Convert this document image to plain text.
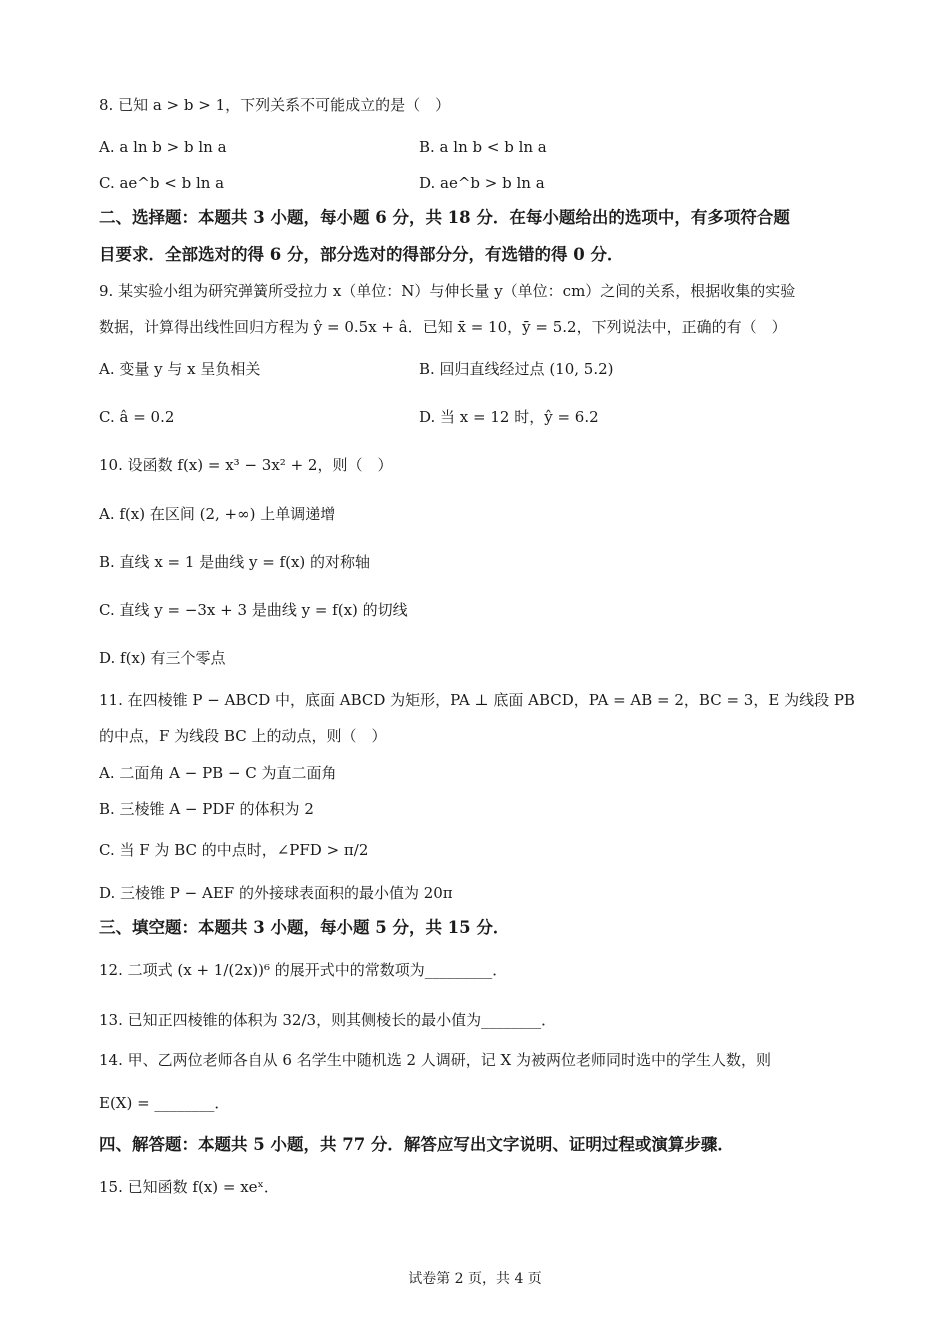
8. 已知 a > b > 1，下列关系不可能成立的是（　）
A. a ln b > b ln a	B. a ln b < b ln a
C. ae^b < b ln a	D. ae^b > b ln a
二、选择题：本题共 3 小题，每小题 6 分，共 18 分．在每小题给出的选项中，有多项符合题
目要求．全部选对的得 6 分，部分选对的得部分分，有选错的得 0 分．
9. 某实验小组为研究弹簧所受拉力 x（单位：N）与伸长量 y（单位：cm）之间的关系，根据收集的实验
数据，计算得出线性回归方程为 ŷ = 0.5x + â．已知 x̄ = 10，ȳ = 5.2，下列说法中，正确的有（　）
A. 变量 y 与 x 呈负相关	B. 回归直线经过点 (10, 5.2)
C. â = 0.2	D. 当 x = 12 时，ŷ = 6.2
10. 设函数 f(x) = x³ − 3x² + 2，则（　）
A. f(x) 在区间 (2, +∞) 上单调递增
B. 直线 x = 1 是曲线 y = f(x) 的对称轴
C. 直线 y = −3x + 3 是曲线 y = f(x) 的切线
D. f(x) 有三个零点
11. 在四棱锥 P − ABCD 中，底面 ABCD 为矩形，PA ⊥ 底面 ABCD，PA = AB = 2，BC = 3，E 为线段 PB
的中点，F 为线段 BC 上的动点，则（　）
A. 二面角 A − PB − C 为直二面角
B. 三棱锥 A − PDF 的体积为 2
C. 当 F 为 BC 的中点时，∠PFD > π/2
D. 三棱锥 P − AEF 的外接球表面积的最小值为 20π
三、填空题：本题共 3 小题，每小题 5 分，共 15 分．
12. 二项式 (x + 1/(2x))⁶ 的展开式中的常数项为_________．
13. 已知正四棱锥的体积为 32/3，则其侧棱长的最小值为________．
14. 甲、乙两位老师各自从 6 名学生中随机选 2 人调研，记 X 为被两位老师同时选中的学生人数，则
E(X) = ________．
四、解答题：本题共 5 小题，共 77 分．解答应写出文字说明、证明过程或演算步骤．
15. 已知函数 f(x) = xeˣ．
试卷第 2 页，共 4 页
